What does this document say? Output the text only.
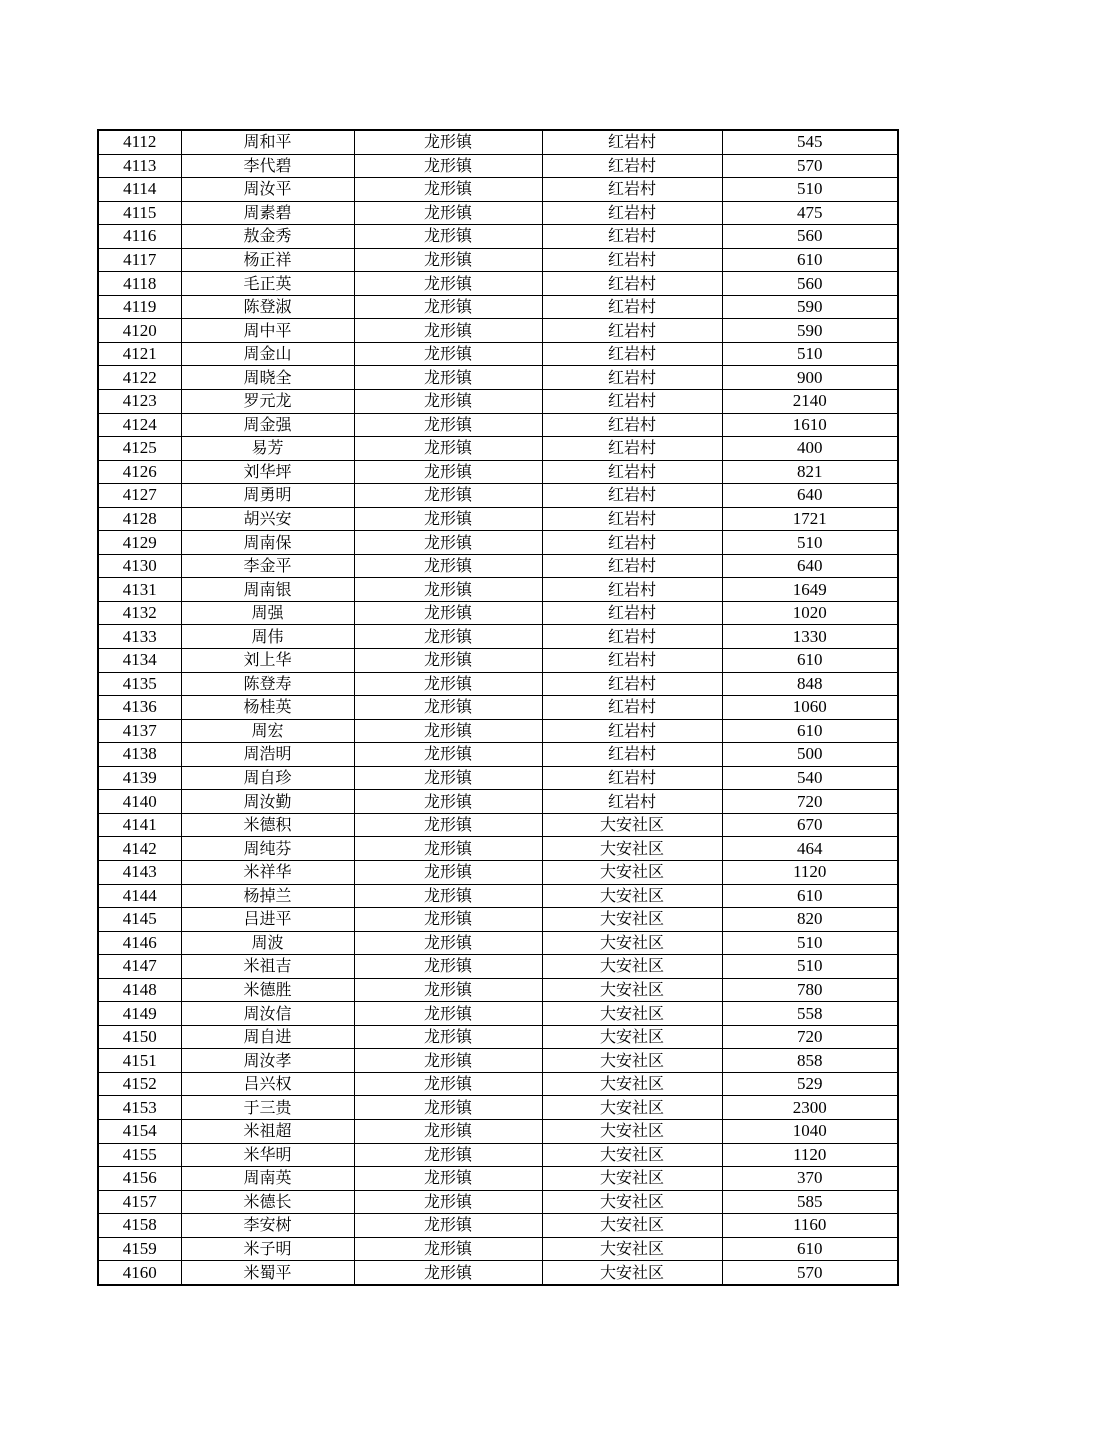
4112	周和平	龙形镇	红岩村	545
4113	李代碧	龙形镇	红岩村	570
4114	周汝平	龙形镇	红岩村	510
4115	周素碧	龙形镇	红岩村	475
4116	敖金秀	龙形镇	红岩村	560
4117	杨正祥	龙形镇	红岩村	610
4118	毛正英	龙形镇	红岩村	560
4119	陈登淑	龙形镇	红岩村	590
4120	周中平	龙形镇	红岩村	590
4121	周金山	龙形镇	红岩村	510
4122	周晓全	龙形镇	红岩村	900
4123	罗元龙	龙形镇	红岩村	2140
4124	周金强	龙形镇	红岩村	1610
4125	易芳	龙形镇	红岩村	400
4126	刘华坪	龙形镇	红岩村	821
4127	周勇明	龙形镇	红岩村	640
4128	胡兴安	龙形镇	红岩村	1721
4129	周南保	龙形镇	红岩村	510
4130	李金平	龙形镇	红岩村	640
4131	周南银	龙形镇	红岩村	1649
4132	周强	龙形镇	红岩村	1020
4133	周伟	龙形镇	红岩村	1330
4134	刘上华	龙形镇	红岩村	610
4135	陈登寿	龙形镇	红岩村	848
4136	杨桂英	龙形镇	红岩村	1060
4137	周宏	龙形镇	红岩村	610
4138	周浩明	龙形镇	红岩村	500
4139	周自珍	龙形镇	红岩村	540
4140	周汝勤	龙形镇	红岩村	720
4141	米德积	龙形镇	大安社区	670
4142	周纯芬	龙形镇	大安社区	464
4143	米祥华	龙形镇	大安社区	1120
4144	杨掉兰	龙形镇	大安社区	610
4145	吕进平	龙形镇	大安社区	820
4146	周波	龙形镇	大安社区	510
4147	米祖吉	龙形镇	大安社区	510
4148	米德胜	龙形镇	大安社区	780
4149	周汝信	龙形镇	大安社区	558
4150	周自进	龙形镇	大安社区	720
4151	周汝孝	龙形镇	大安社区	858
4152	吕兴权	龙形镇	大安社区	529
4153	于三贵	龙形镇	大安社区	2300
4154	米祖超	龙形镇	大安社区	1040
4155	米华明	龙形镇	大安社区	1120
4156	周南英	龙形镇	大安社区	370
4157	米德长	龙形镇	大安社区	585
4158	李安树	龙形镇	大安社区	1160
4159	米子明	龙形镇	大安社区	610
4160	米蜀平	龙形镇	大安社区	570
